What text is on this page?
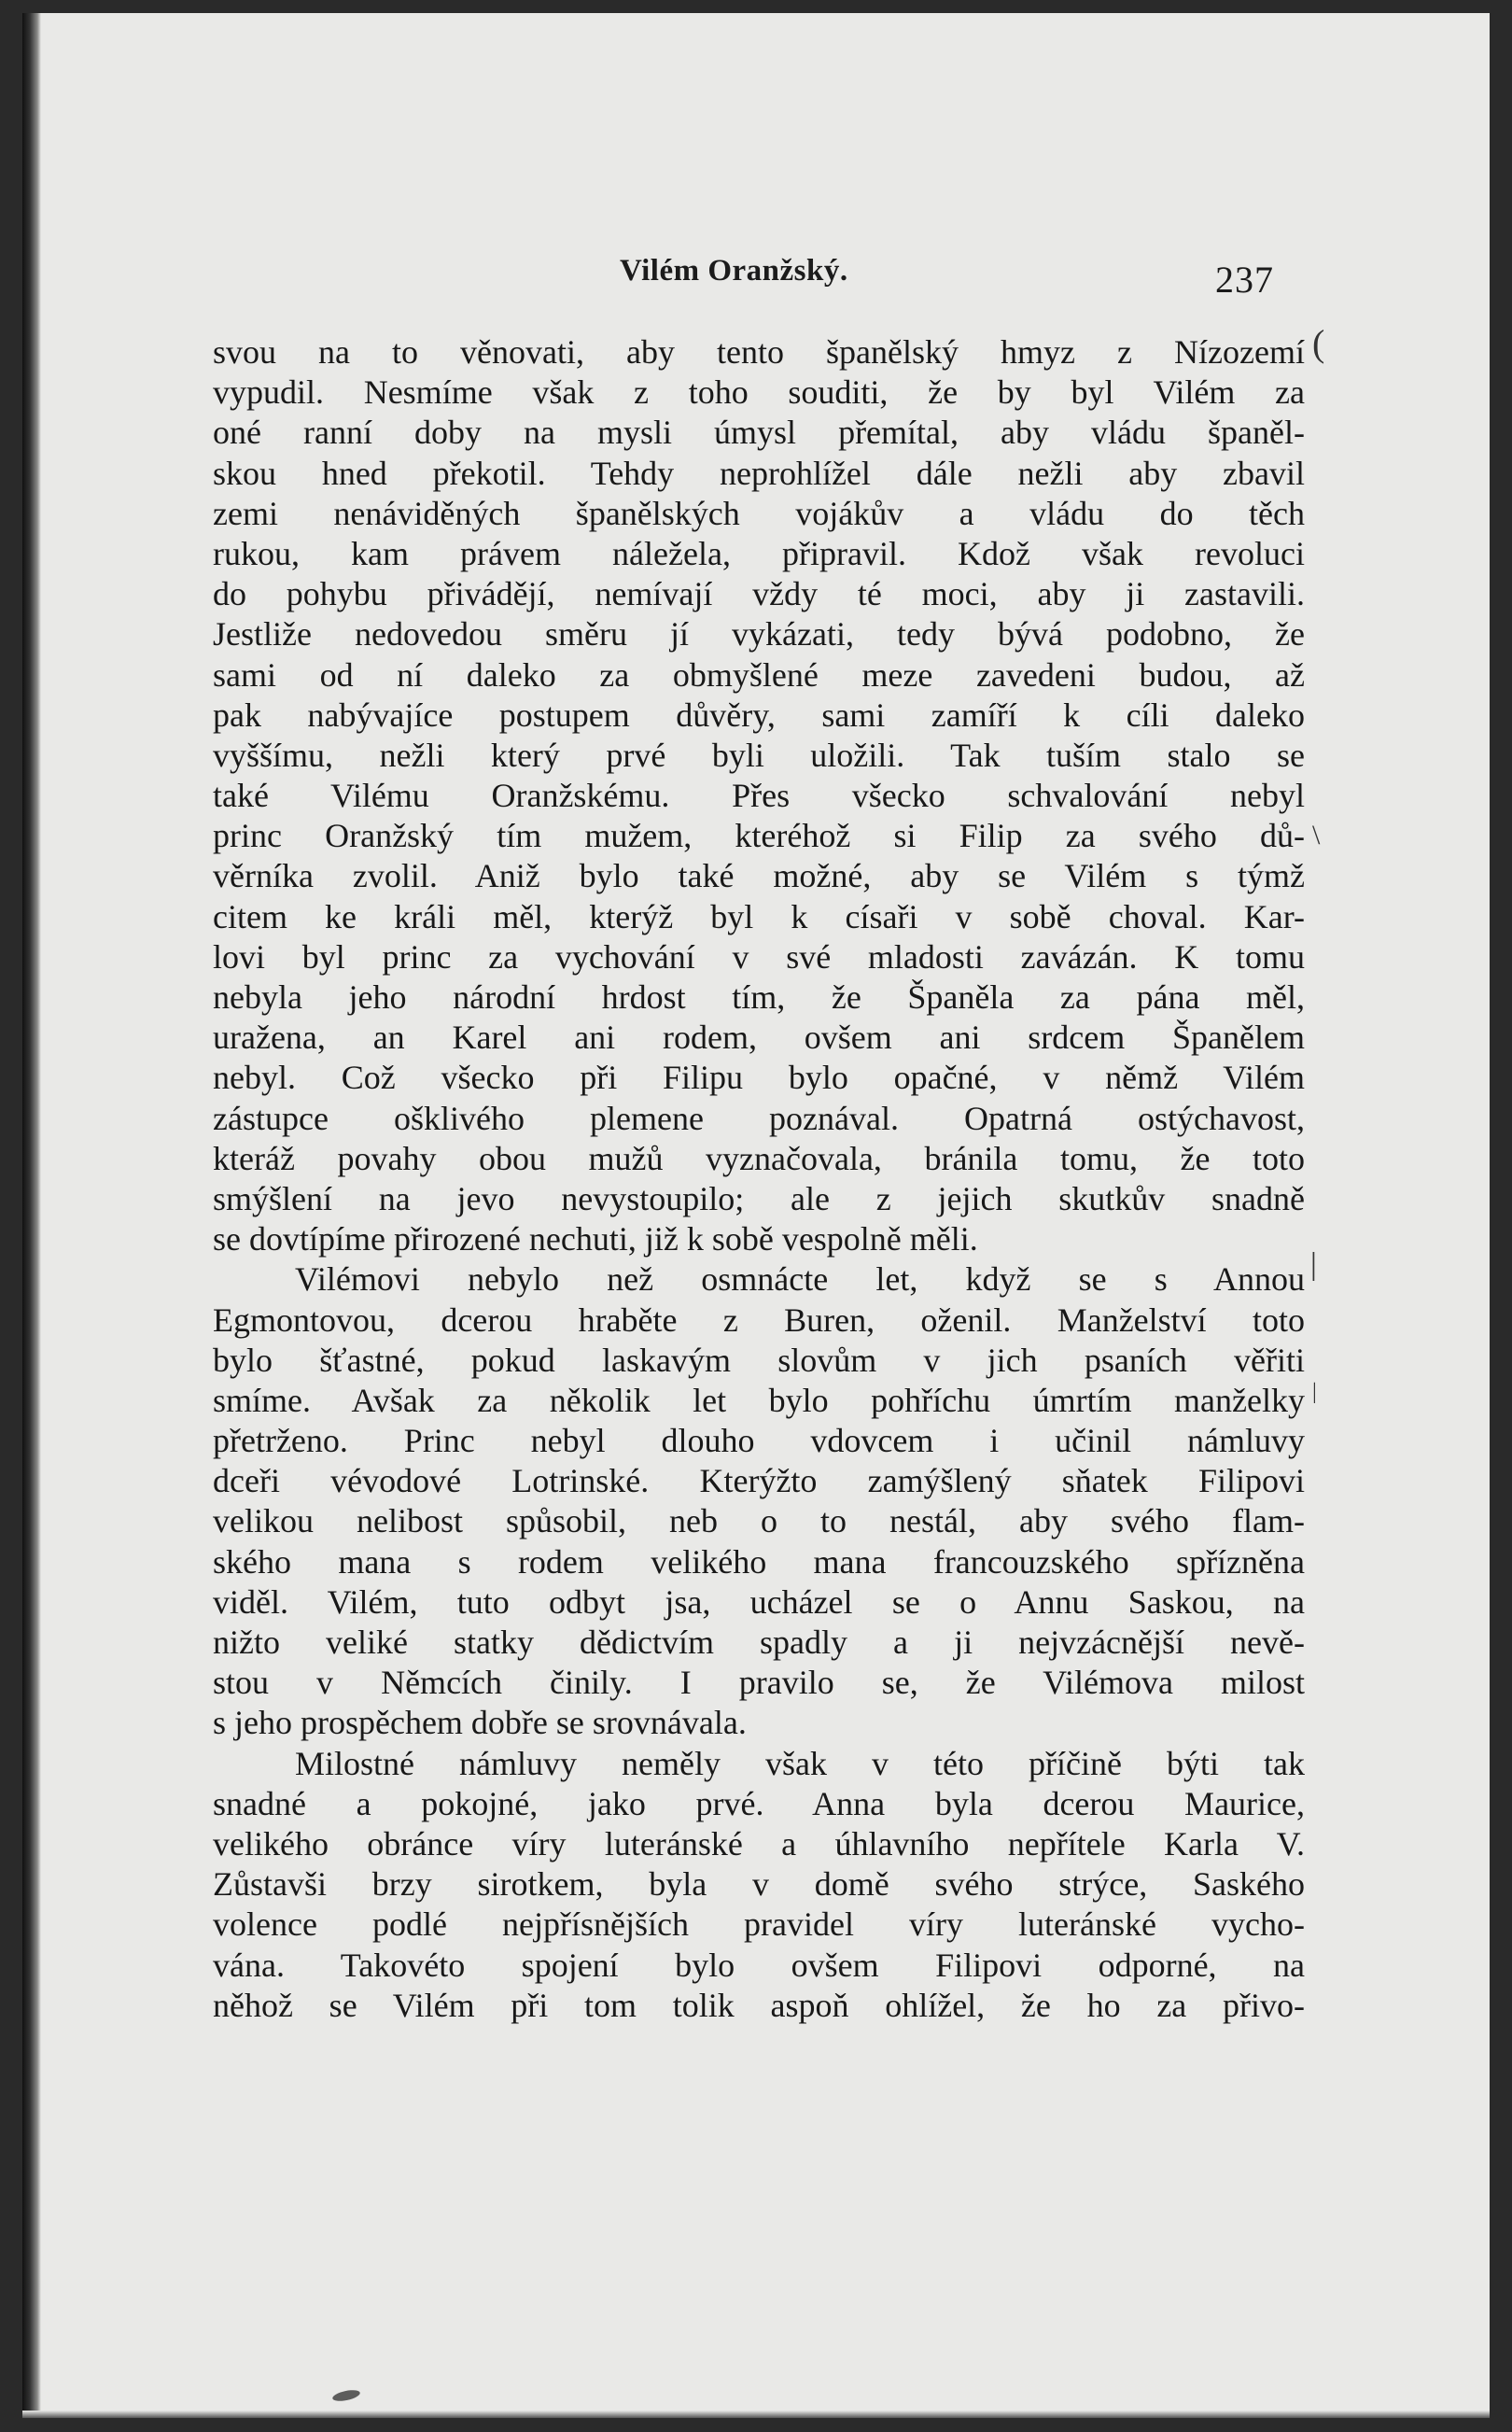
Vilém Oranžský.	237
svou na to věnovati, aby tento španělský hmyz z Nízozemí
vypudil. Nesmíme však z toho souditi, že by byl Vilém za
oné ranní doby na mysli úmysl přemítal, aby vládu španěl-
skou hned překotil. Tehdy neprohlížel dále nežli aby zbavil
zemi nenáviděných španělských vojákův a vládu do těch
rukou, kam právem náležela, připravil. Kdož však revoluci
do pohybu přivádějí, nemívají vždy té moci, aby ji zastavili.
Jestliže nedovedou směru jí vykázati, tedy bývá podobno, že
sami od ní daleko za obmyšlené meze zavedeni budou, až
pak nabývajíce postupem důvěry, sami zamíří k cíli daleko
vyššímu, nežli který prvé byli uložili. Tak tuším stalo se
také Vilému Oranžskému. Přes všecko schvalování nebyl
princ Oranžský tím mužem, kteréhož si Filip za svého dů-
věrníka zvolil. Aniž bylo také možné, aby se Vilém s týmž
citem ke králi měl, kterýž byl k císaři v sobě choval. Kar-
lovi byl princ za vychování v své mladosti zavázán. K tomu
nebyla jeho národní hrdost tím, že Španěla za pána měl,
uražena, an Karel ani rodem, ovšem ani srdcem Španělem
nebyl. Což všecko při Filipu bylo opačné, v němž Vilém
zástupce ošklivého plemene poznával. Opatrná ostýchavost,
kteráž povahy obou mužů vyznačovala, bránila tomu, že toto
smýšlení na jevo nevystoupilo; ale z jejich skutkův snadně
se dovtípíme přirozené nechuti, již k sobě vespolně měli.
Vilémovi nebylo než osmnácte let, když se s Annou
Egmontovou, dcerou hraběte z Buren, oženil. Manželství toto
bylo šťastné, pokud laskavým slovům v jich psaních věřiti
smíme. Avšak za několik let bylo pohříchu úmrtím manželky
přetrženo. Princ nebyl dlouho vdovcem i učinil námluvy
dceři vévodové Lotrinské. Kterýžto zamýšlený sňatek Filipovi
velikou nelibost spůsobil, neb o to nestál, aby svého flam-
ského mana s rodem velikého mana francouzského spřízněna
viděl. Vilém, tuto odbyt jsa, ucházel se o Annu Saskou, na
nižto veliké statky dědictvím spadly a ji nejvzácnější nevě-
stou v Němcích činily. I pravilo se, že Vilémova milost
s jeho prospěchem dobře se srovnávala.
Milostné námluvy neměly však v této příčině býti tak
snadné a pokojné, jako prvé. Anna byla dcerou Maurice,
velikého obránce víry luteránské a úhlavního nepřítele Karla V.
Zůstavši brzy sirotkem, byla v domě svého strýce, Saského
volence podlé nejpřísnějších pravidel víry luteránské vycho-
vána. Takovéto spojení bylo ovšem Filipovi odporné, na
něhož se Vilém při tom tolik aspoň ohlížel, že ho za přivo-
(
\
|
|
